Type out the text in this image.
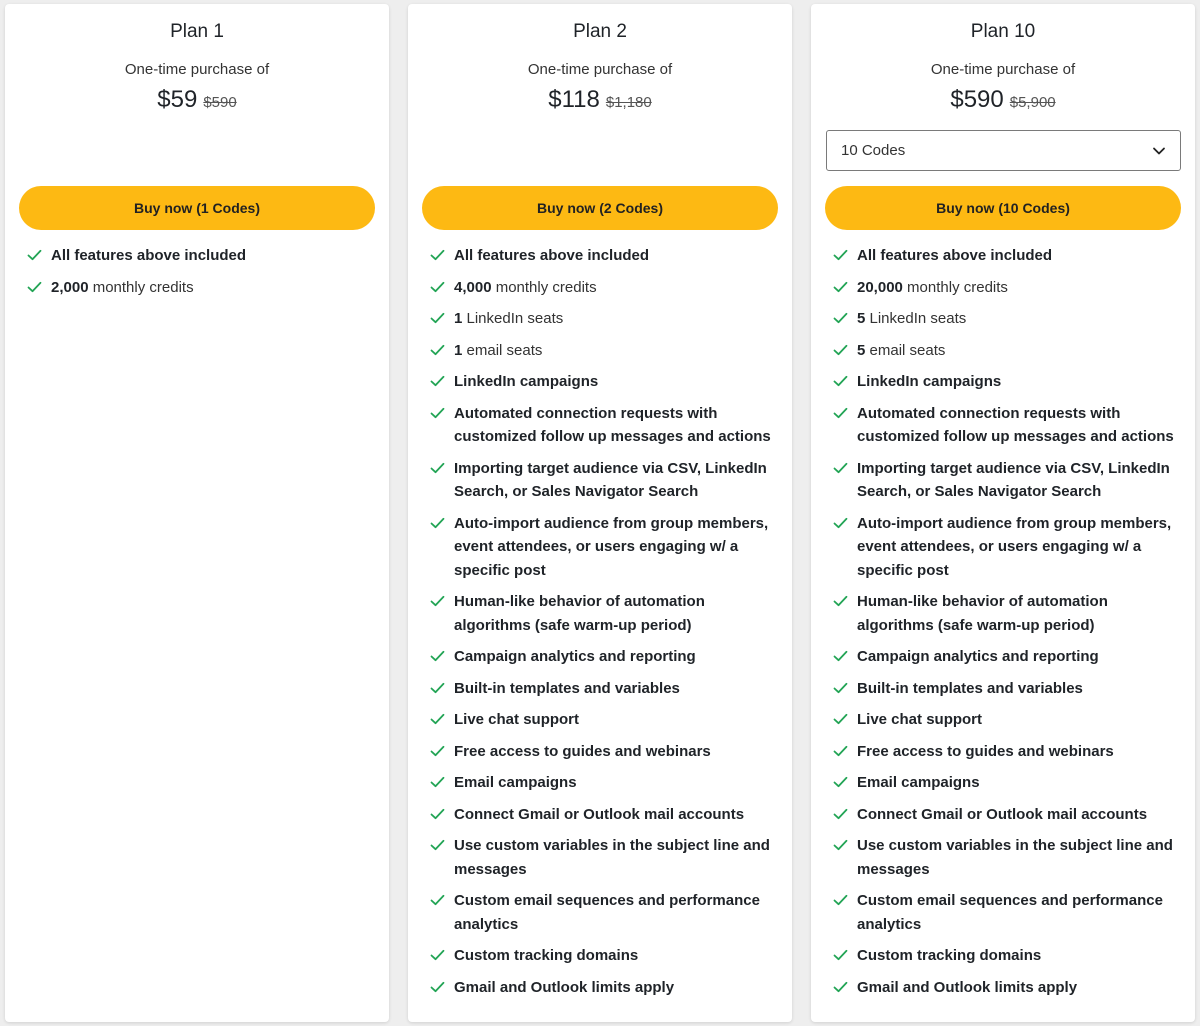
Plan 1
One-time purchase of
$59 $590
Buy now (1 Codes)
All features above included
2,000 monthly credits
Plan 2
One-time purchase of
$118 $1,180
Buy now (2 Codes)
All features above included
4,000 monthly credits
1 LinkedIn seats
1 email seats
LinkedIn campaigns
Automated connection requests with customized follow up messages and actions
Importing target audience via CSV, LinkedIn Search, or Sales Navigator Search
Auto-import audience from group members, event attendees, or users engaging w/ a specific post
Human-like behavior of automation algorithms (safe warm-up period)
Campaign analytics and reporting
Built-in templates and variables
Live chat support
Free access to guides and webinars
Email campaigns
Connect Gmail or Outlook mail accounts
Use custom variables in the subject line and messages
Custom email sequences and performance analytics
Custom tracking domains
Gmail and Outlook limits apply
Plan 10
One-time purchase of
$590 $5,900
10 Codes
Buy now (10 Codes)
All features above included
20,000 monthly credits
5 LinkedIn seats
5 email seats
LinkedIn campaigns
Automated connection requests with customized follow up messages and actions
Importing target audience via CSV, LinkedIn Search, or Sales Navigator Search
Auto-import audience from group members, event attendees, or users engaging w/ a specific post
Human-like behavior of automation algorithms (safe warm-up period)
Campaign analytics and reporting
Built-in templates and variables
Live chat support
Free access to guides and webinars
Email campaigns
Connect Gmail or Outlook mail accounts
Use custom variables in the subject line and messages
Custom email sequences and performance analytics
Custom tracking domains
Gmail and Outlook limits apply
